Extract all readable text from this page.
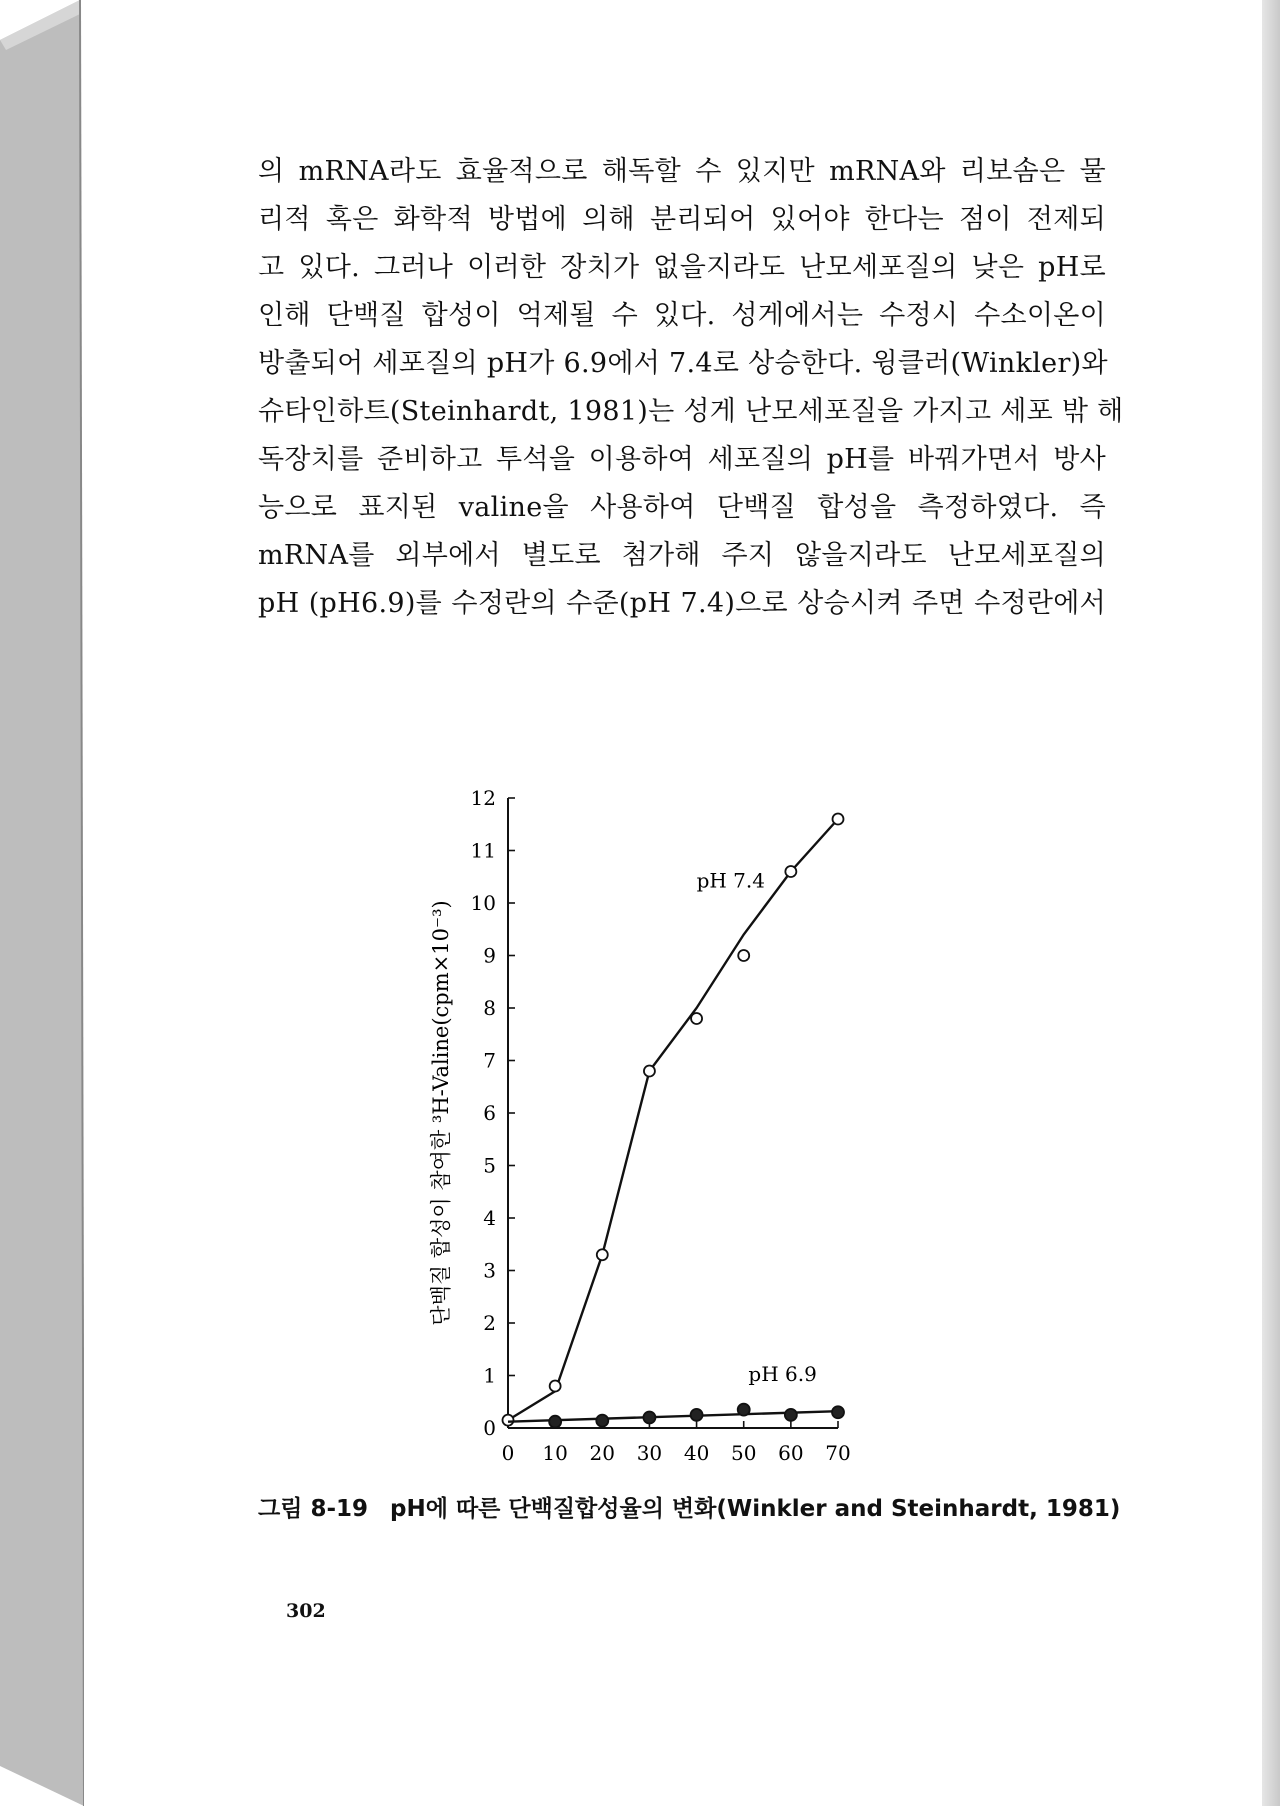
의 mRNA라도 효율적으로 해독할 수 있지만 mRNA와 리보솜은 물
리적 혹은 화학적 방법에 의해 분리되어 있어야 한다는 점이 전제되
고 있다. 그러나 이러한 장치가 없을지라도 난모세포질의 낮은 pH로
인해 단백질 합성이 억제될 수 있다. 성게에서는 수정시 수소이온이
방출되어 세포질의 pH가 6.9에서 7.4로 상승한다. 윙클러(Winkler)와
슈타인하트(Steinhardt, 1981)는 성게 난모세포질을 가지고 세포 밖 해
독장치를 준비하고 투석을 이용하여 세포질의 pH를 바꿔가면서 방사
능으로 표지된 valine을 사용하여 단백질 합성을 측정하였다. 즉
mRNA를 외부에서 별도로 첨가해 주지 않을지라도 난모세포질의
pH (pH6.9)를 수정란의 수준(pH 7.4)으로 상승시켜 주면 수정란에서
0
1
2
3
4
5
6
7
8
9
10
11
12
0 10 20 30 40 50 60 70
단백질 합성이 참여한 ³H-Valine(cpm×10⁻³)
pH 7.4
pH 6.9
그림 8-19 pH에 따른 단백질합성율의 변화(Winkler and Steinhardt, 1981)
302
